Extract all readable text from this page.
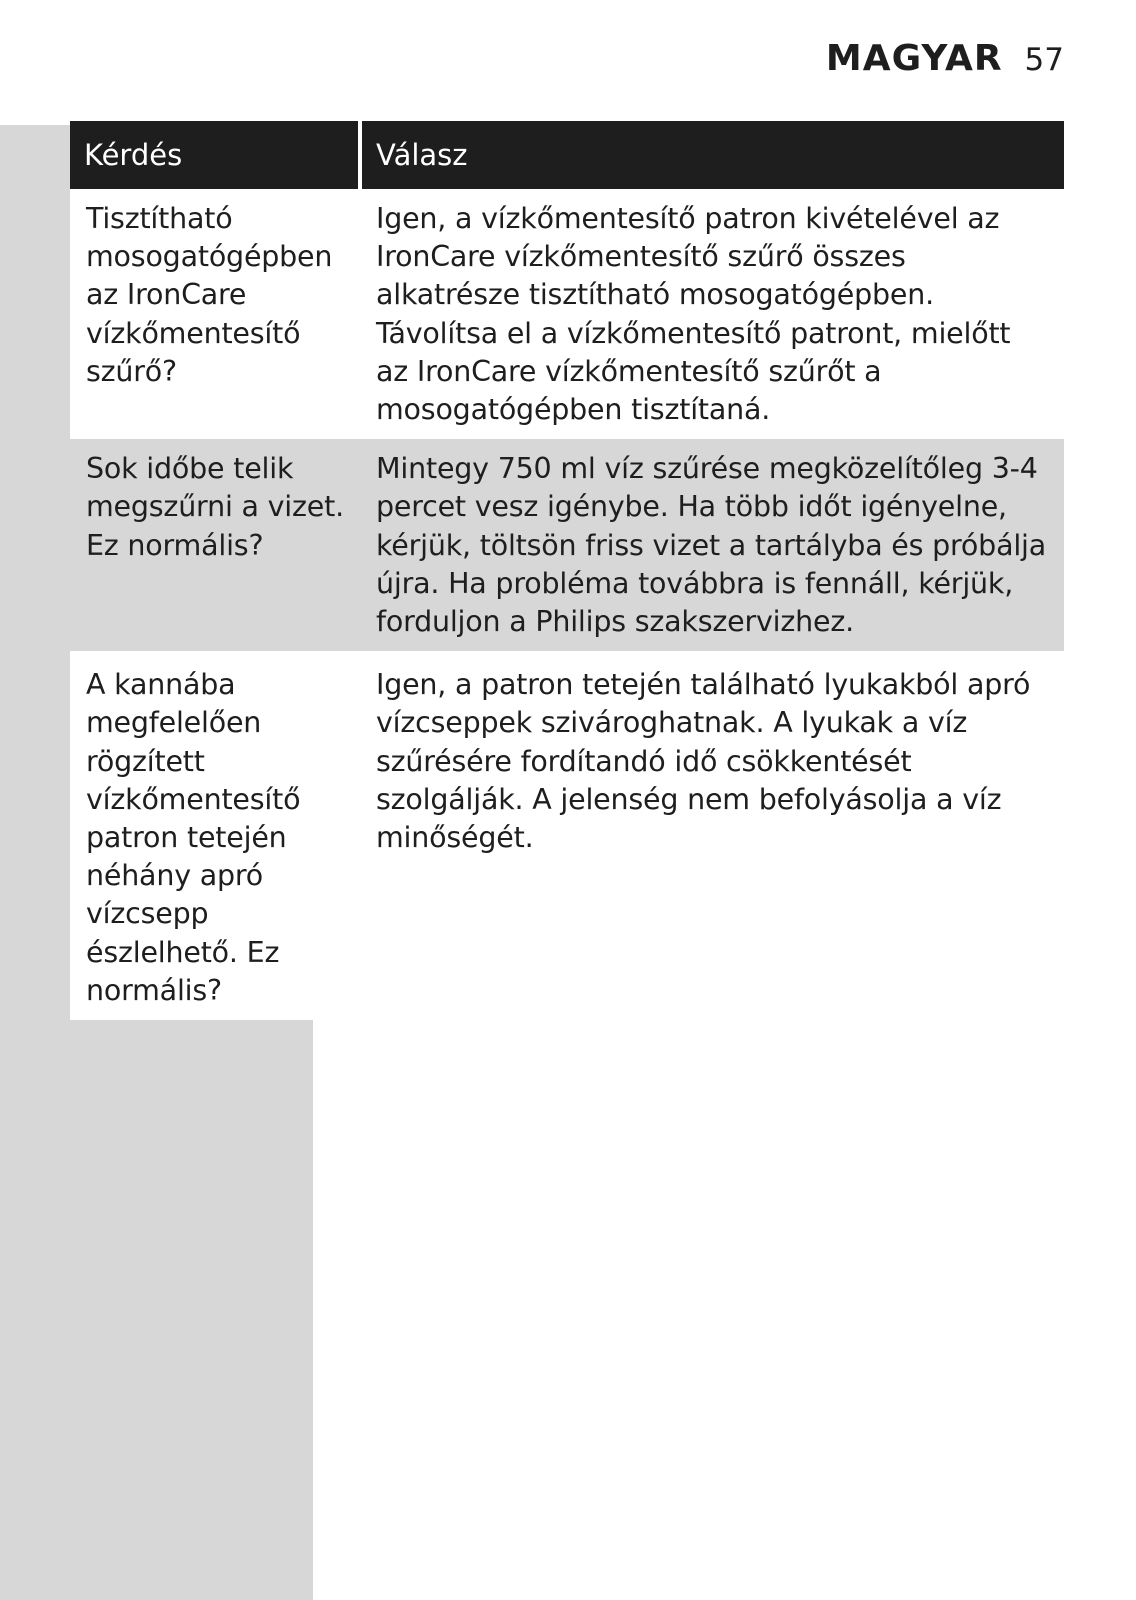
MAGYAR 57
Kérdés	Válasz
Tisztítható mosogatógépben az IronCare vízkőmentesítő szűrő?	Igen, a vízkőmentesítő patron kivételével az IronCare vízkőmentesítő szűrő összes alkatrésze tisztítható mosogatógépben. Távolítsa el a vízkőmentesítő patront, mielőtt az IronCare vízkőmentesítő szűrőt a mosogatógépben tisztítaná.
Sok időbe telik megszűrni a vizet. Ez normális?	Mintegy 750 ml víz szűrése megközelítőleg 3-4 percet vesz igénybe. Ha több időt igényelne, kérjük, töltsön friss vizet a tartályba és próbálja újra. Ha probléma továbbra is fennáll, kérjük, forduljon a Philips szakszervizhez.

A kannába megfelelően rögzített vízkőmentesítő patron tetején néhány apró vízcsepp észlelhető. Ez normális?	Igen, a patron tetején található lyukakból apró vízcseppek szivároghatnak. A lyukak a víz szűrésére fordítandó idő csökkentését szolgálják. A jelenség nem befolyásolja a víz minőségét.
